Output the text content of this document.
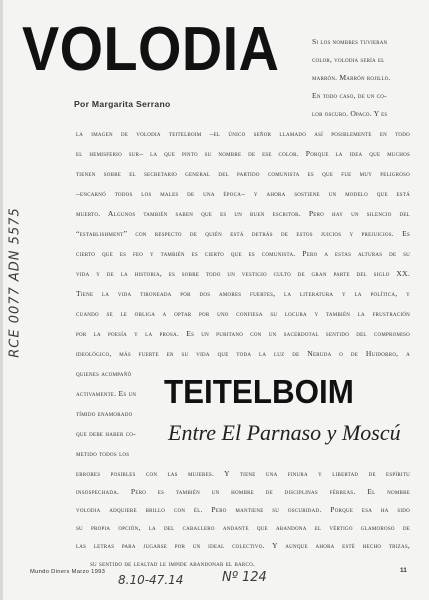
VOLODIA
Por Margarita Serrano
Si los nombres tuvieran
color, volodia sería el
marrón. Marrón rojillo.
En todo caso, de un co-
lor oscuro. Opaco. Y es
la imagen de volodia teitelboim –el único señor llamado así posiblemente en todo
el hemisferio sur– la que pinto su nombre de ese color. Porque la idea que muchos
tienen sobre el secretario general del partido comunista es que fue muy peligroso
–encarnó todos los males de una época– y ahora sostiene un modelo que está
muerto. Algunos también saben que es un buen escritor. Pero hay un silencio del
“establishment” con respecto de quién está detrás de estos juicios y prejuicios. Es
cierto que es feo y también es cierto que es comunista. Pero a estas alturas de su
vida y de la historia, es sobre todo un vestigio culto de gran parte del siglo XX.
Tiene la vida tironeada por dos amores fuertes, la literatura y la política, y
cuando se le obliga a optar por uno confiesa su locura y también la frustración
por la poesía y la prosa. Es un puritano con un sacerdotal sentido del compromiso
ideológico, más fuerte en su vida que toda la luz de Neruda o de Huidobro, a
quienes acompañó
activamente. Es un
tímido enamorado
que debe haber co-
metido todos los
TEITELBOIM
Entre El Parnaso y Moscú
errores posibles con las mujeres. Y tiene una finura y libertad de espíritu
insospechada. Pero es también un hombre de disciplinas férreas. El nombre
volodia adquiere brillo con él. Pero mantiene su oscuridad. Porque esa ha sido
su propia opción, la del caballero andante que abandona el vértigo glamoroso de
las letras para jugarse por un ideal colectivo. Y aunque ahora esté hecho trizas,
su sentido de lealtad le impide abandonar el barco.
Mundo Diners Marzo 1993	11
RCE 0077 ADN 5575
8.10-47.14	Nº 124
